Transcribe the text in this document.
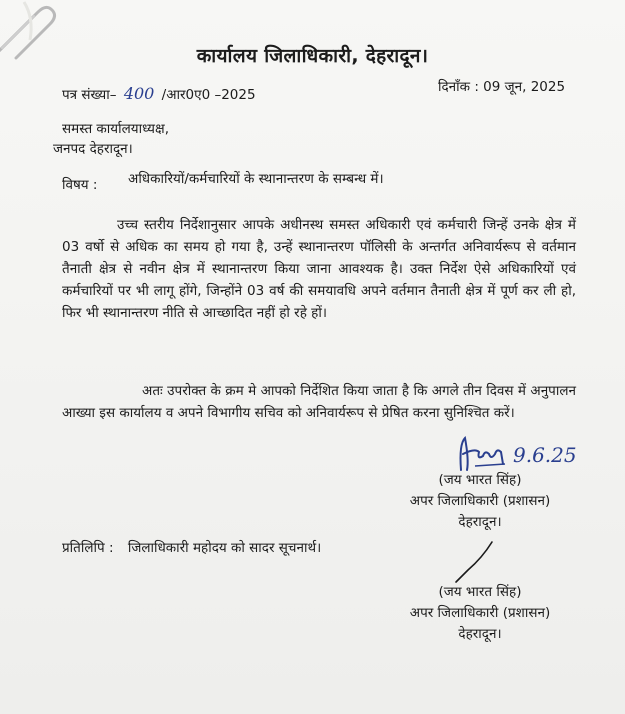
कार्यालय जिलाधिकारी, देहरादून।
पत्र संख्या– 400 /आर0ए0 –2025	दिनाँक : 09 जून, 2025
समस्त कार्यालयाध्यक्ष,
जनपद देहरादून।
विषय : अधिकारियों/कर्मचारियों के स्थानान्तरण के सम्बन्ध में।
उच्च स्तरीय निर्देशानुसार आपके अधीनस्थ समस्त अधिकारी एवं कर्मचारी जिन्हें उनके क्षेत्र में 03 वर्षो से अधिक का समय हो गया है, उन्हें स्थानान्तरण पॉलिसी के अन्तर्गत अनिवार्यरूप से वर्तमान तैनाती क्षेत्र से नवीन क्षेत्र में स्थानान्तरण किया जाना आवश्यक है। उक्त निर्देश ऐसे अधिकारियों एवं कर्मचारियों पर भी लागू होंगे, जिन्होंने 03 वर्ष की समयावधि अपने वर्तमान तैनाती क्षेत्र में पूर्ण कर ली हो, फिर भी स्थानान्तरण नीति से आच्छादित नहीं हो रहे हों।
अतः उपरोक्त के क्रम मे आपको निर्देशित किया जाता है कि अगले तीन दिवस में अनुपालन आख्या इस कार्यालय व अपने विभागीय सचिव को अनिवार्यरूप से प्रेषित करना सुनिश्चित करें।
9.6.25
(जय भारत सिंह)
अपर जिलाधिकारी (प्रशासन)
देहरादून।
प्रतिलिपि : जिलाधिकारी महोदय को सादर सूचनार्थ।
(जय भारत सिंह)
अपर जिलाधिकारी (प्रशासन)
देहरादून।
